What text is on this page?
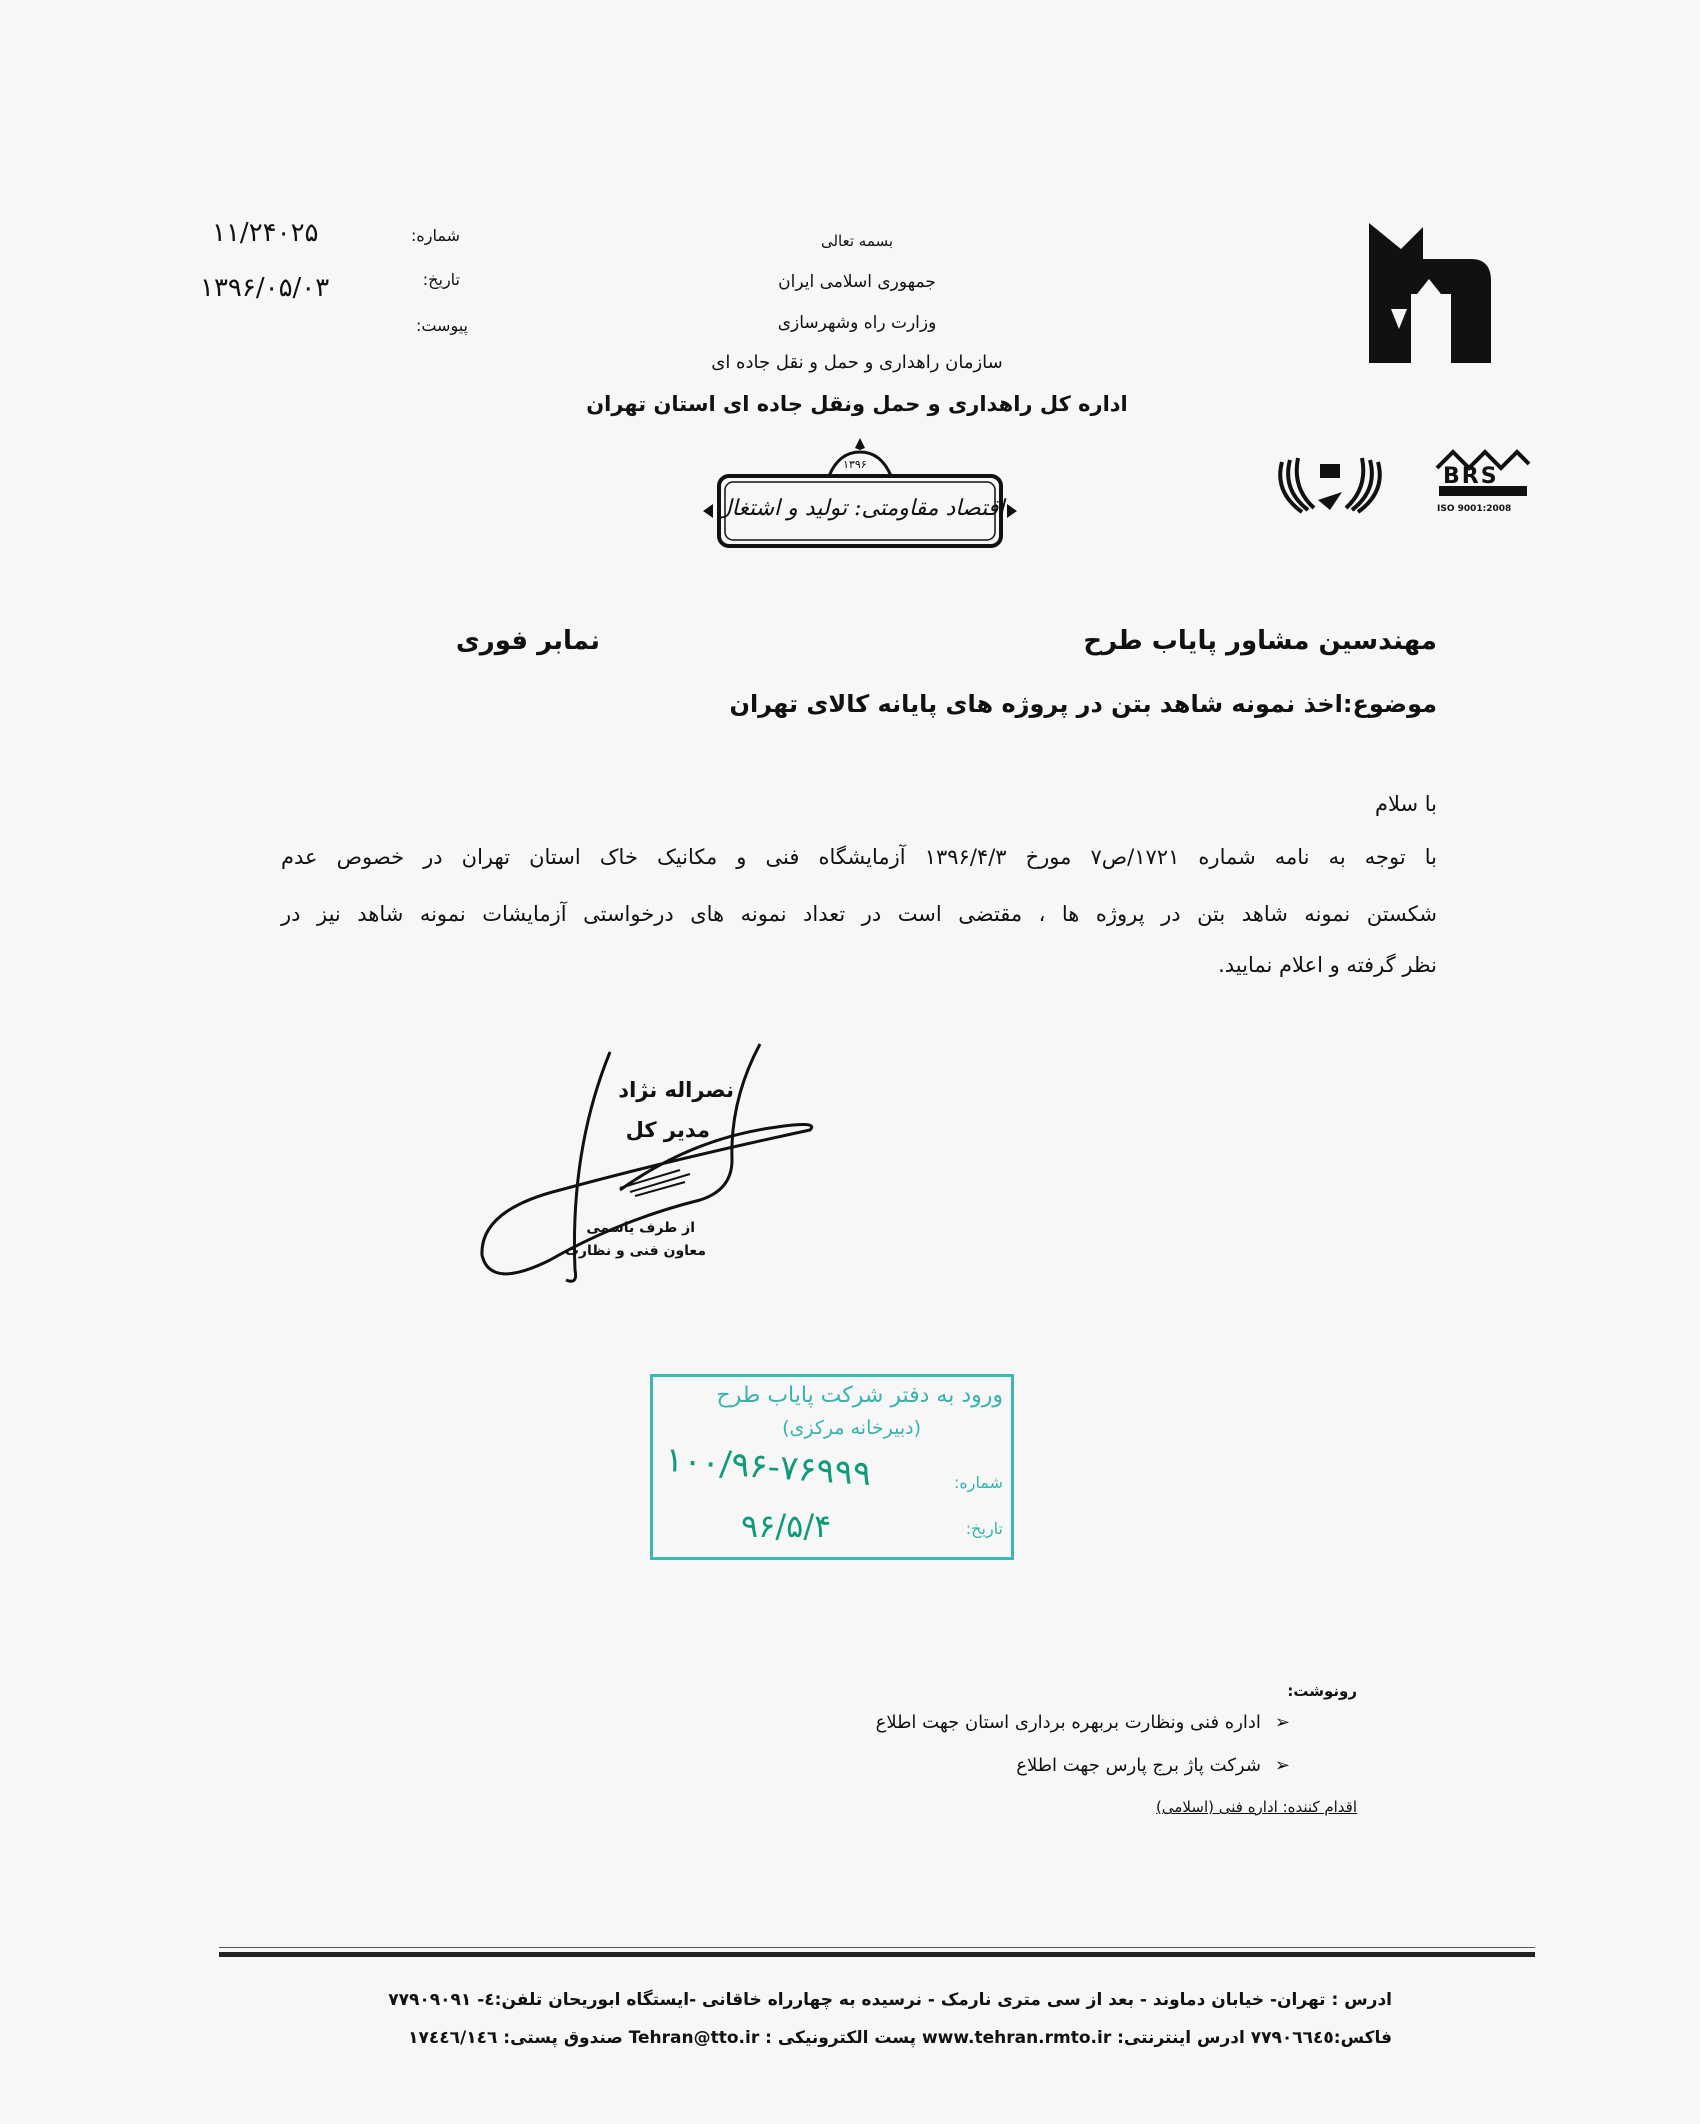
۱۱/۲۴۰۲۵	شماره:
۱۳۹۶/۰۵/۰۳	تاریخ:
پیوست:
بسمه تعالی
جمهوری اسلامی ایران
وزارت راه وشهرسازی
سازمان راهداری و حمل و نقل جاده ای
اداره کل راهداری و حمل ونقل جاده ای استان تهران
۱۳۹۶
اقتصاد مقاومتی: تولید و اشتغال
BRS
ISO 9001:2008
مهندسین مشاور پایاب طرح
نمابر فوری
موضوع:اخذ نمونه شاهد بتن در پروژه های پایانه کالای تهران
با سلام
با توجه به نامه شماره ۱۷۲۱/ص۷ مورخ ۱۳۹۶/۴/۳ آزمایشگاه فنی و مکانیک خاک استان تهران در خصوص عدم
شکستن نمونه شاهد بتن در پروژه ها ، مقتضی است در تعداد نمونه های درخواستی آزمایشات نمونه شاهد نیز در
نظر گرفته و اعلام نمایید.
نصراله نژاد
مدیر کل
از طرف یاسمی
معاون فنی و نظارت
ورود به دفتر شرکت پایاب طرح
(دبیرخانه مرکزی)
شماره:
۱۰۰/۹۶-۷۶۹۹۹
تاریخ:
۹۶/۵/۴
رونوشت:
➢اداره فنی ونظارت بربهره برداری استان جهت اطلاع
➢شرکت پاژ برج پارس جهت اطلاع
اقدام کننده: اداره فنی (اسلامی)
ادرس : تهران- خیابان دماوند - بعد از سی متری نارمک - نرسیده به چهارراه خاقانی -ایستگاه ابوریحان تلفن:٤- ۷۷۹۰۹۰۹۱
فاکس:۷۷۹۰٦٦٤٥ ادرس اینترنتی: www.tehran.rmto.ir پست الکترونیکی : Tehran@tto.ir صندوق پستی: ۱۷٤٤٦/۱٤٦
